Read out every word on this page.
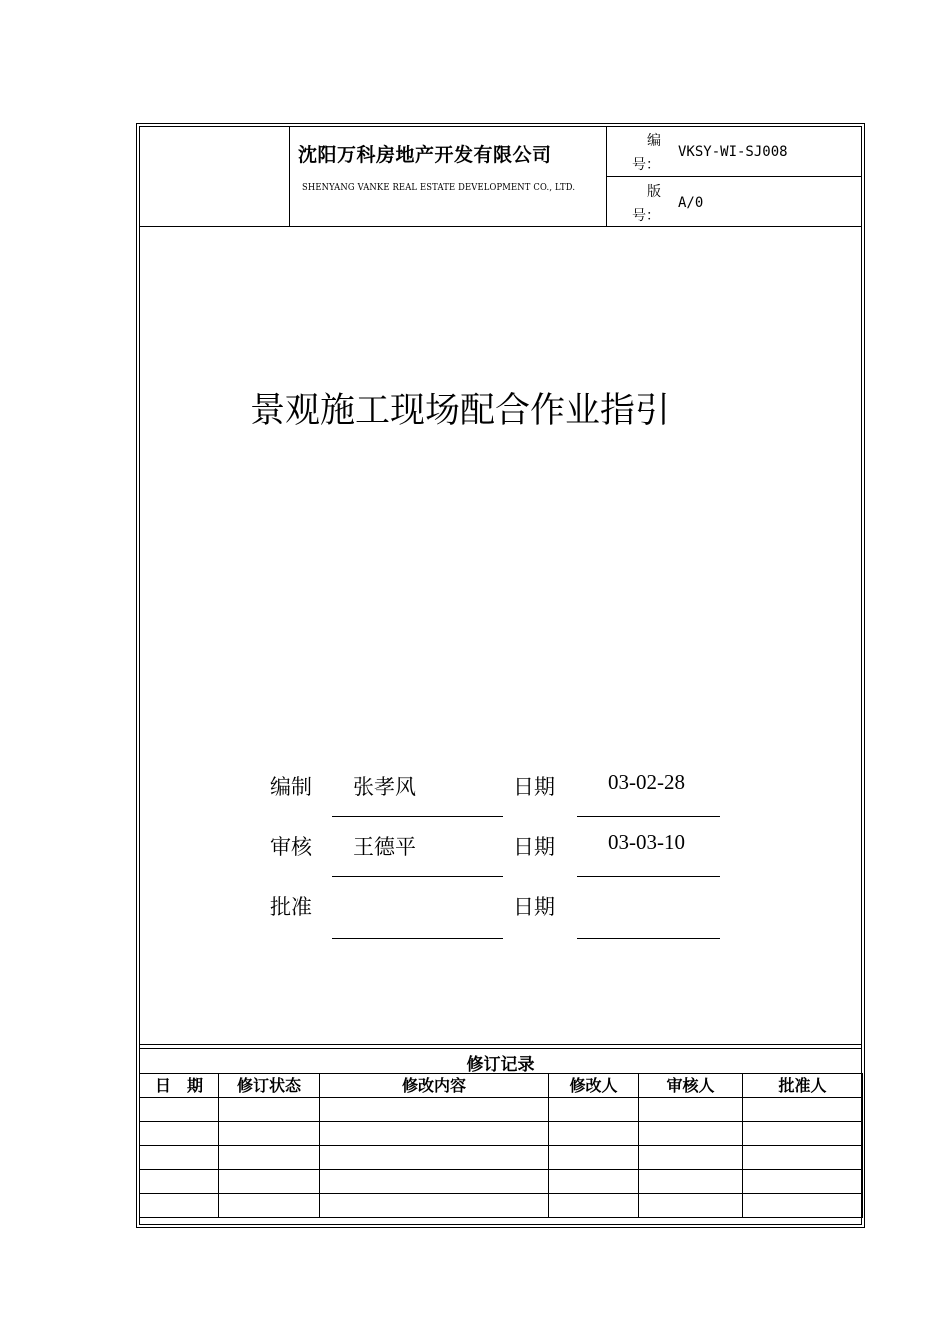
沈阳万科房地产开发有限公司
SHENYANG VANKE REAL ESTATE DEVELOPMENT CO., LTD.
编
号：
VKSY-WI-SJ008
版
号：
A/0
景观施工现场配合作业指引
编制 张孝风	日期	03-02-28
审核 王德平	日期	03-03-10
批准	日期
修订记录
日　期	修订状态	修改内容	修改人	审核人	批准人
